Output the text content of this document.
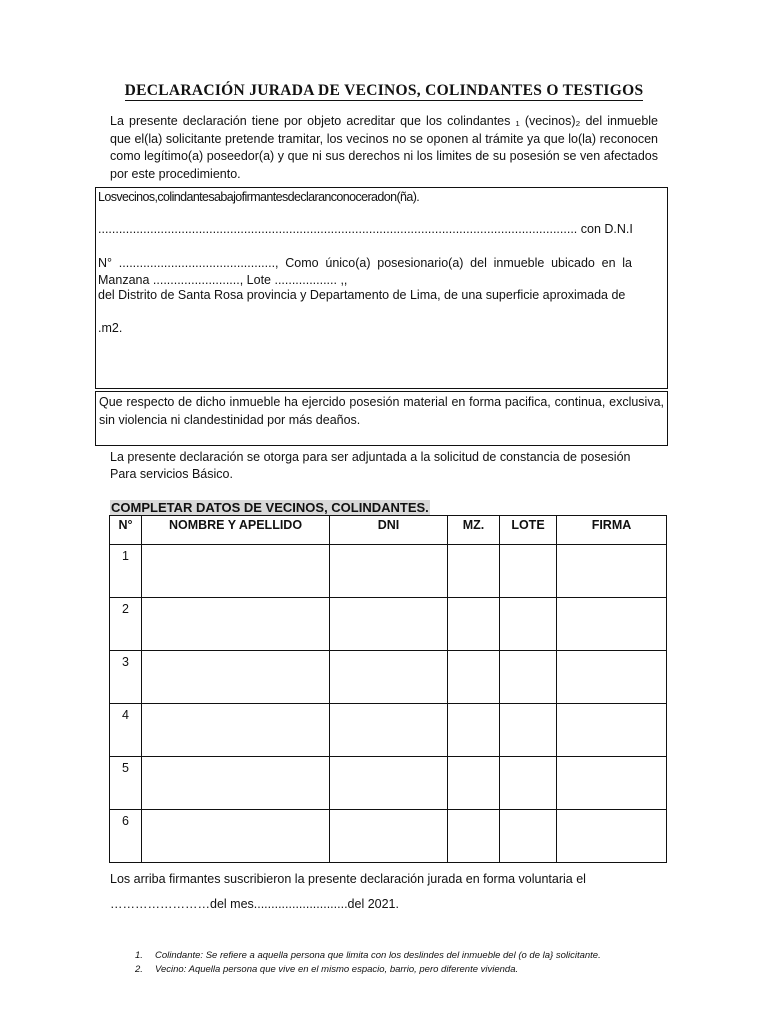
DECLARACIÓN JURADA DE VECINOS, COLINDANTES O TESTIGOS
La presente declaración tiene por objeto acreditar que los colindantes ₁ (vecinos)₂ del inmueble que el(la) solicitante pretende tramitar, los vecinos no se oponen al trámite ya que lo(la) reconocen como legítimo(a) poseedor(a) y que ni sus derechos ni los limites de su posesión se ven afectados por este procedimiento.
Losvecinos,colindantesabajofirmantesdeclaranconoceradon(ña).
.......................................................................................................................................... con D.N.I
N° ............................................., Como único(a) posesionario(a) del inmueble ubicado en la Manzana ........................., Lote .................. ,,
del Distrito de Santa Rosa provincia y Departamento de Lima, de una superficie aproximada de
.m2.
Que respecto de dicho inmueble ha ejercido posesión material en forma pacifica, continua, exclusiva, sin violencia ni clandestinidad por más deaños.
La presente declaración se otorga para ser adjuntada a la solicitud de constancia de posesión Para servicios Básico.
COMPLETAR DATOS DE VECINOS, COLINDANTES.
N°	NOMBRE Y APELLIDO	DNI	MZ.	LOTE	FIRMA
1					
2					
3					
4					
5					
6					
Los arriba firmantes suscribieron la presente declaración jurada en forma voluntaria el
……………………del mes...........................del 2021.
1. Colindante: Se refiere a aquella persona que limita con los deslindes del inmueble del (o de la} solicitante.
2. Vecino: Aquella persona que vive en el mismo espacio, barrio, pero diferente vivienda.
